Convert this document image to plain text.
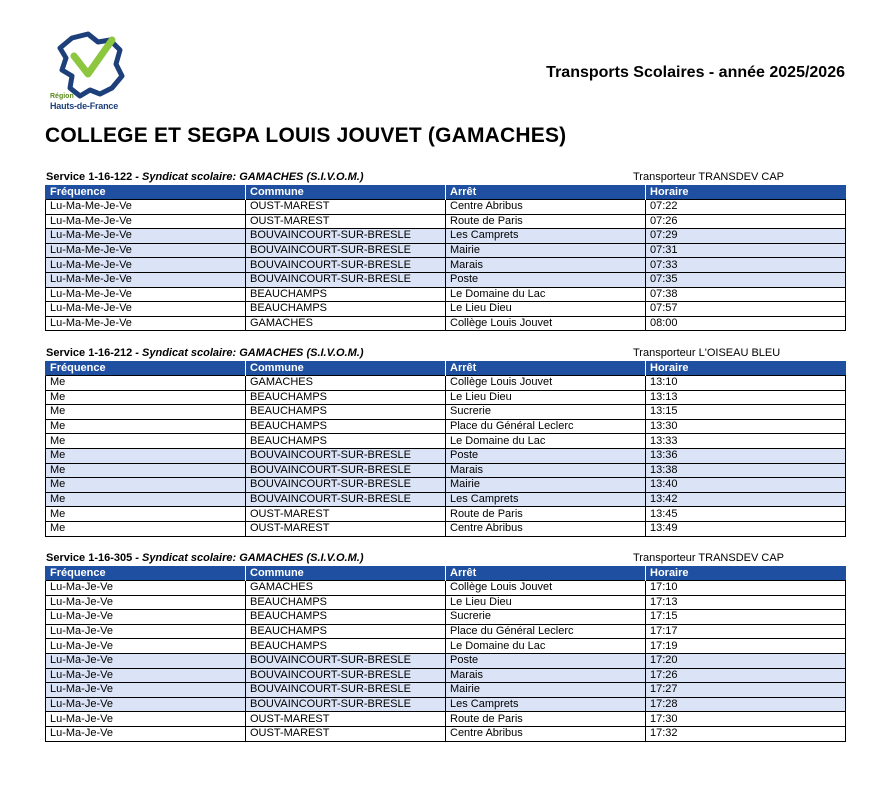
Région
Hauts-de-France
Transports Scolaires - année 2025/2026
COLLEGE ET SEGPA LOUIS JOUVET (GAMACHES)
Service 1-16-122 - Syndicat scolaire: GAMACHES (S.I.V.O.M.)	Transporteur TRANSDEV CAP
Fréquence	Commune	Arrêt	Horaire
Lu-Ma-Me-Je-Ve	OUST-MAREST	Centre Abribus	07:22
Lu-Ma-Me-Je-Ve	OUST-MAREST	Route de Paris	07:26
Lu-Ma-Me-Je-Ve	BOUVAINCOURT-SUR-BRESLE	Les Camprets	07:29
Lu-Ma-Me-Je-Ve	BOUVAINCOURT-SUR-BRESLE	Mairie	07:31
Lu-Ma-Me-Je-Ve	BOUVAINCOURT-SUR-BRESLE	Marais	07:33
Lu-Ma-Me-Je-Ve	BOUVAINCOURT-SUR-BRESLE	Poste	07:35
Lu-Ma-Me-Je-Ve	BEAUCHAMPS	Le Domaine du Lac	07:38
Lu-Ma-Me-Je-Ve	BEAUCHAMPS	Le Lieu Dieu	07:57
Lu-Ma-Me-Je-Ve	GAMACHES	Collège Louis Jouvet	08:00
Service 1-16-212 - Syndicat scolaire: GAMACHES (S.I.V.O.M.)	Transporteur L'OISEAU BLEU
Fréquence	Commune	Arrêt	Horaire
Me	GAMACHES	Collège Louis Jouvet	13:10
Me	BEAUCHAMPS	Le Lieu Dieu	13:13
Me	BEAUCHAMPS	Sucrerie	13:15
Me	BEAUCHAMPS	Place du Général Leclerc	13:30
Me	BEAUCHAMPS	Le Domaine du Lac	13:33
Me	BOUVAINCOURT-SUR-BRESLE	Poste	13:36
Me	BOUVAINCOURT-SUR-BRESLE	Marais	13:38
Me	BOUVAINCOURT-SUR-BRESLE	Mairie	13:40
Me	BOUVAINCOURT-SUR-BRESLE	Les Camprets	13:42
Me	OUST-MAREST	Route de Paris	13:45
Me	OUST-MAREST	Centre Abribus	13:49
Service 1-16-305 - Syndicat scolaire: GAMACHES (S.I.V.O.M.)	Transporteur TRANSDEV CAP
Fréquence	Commune	Arrêt	Horaire
Lu-Ma-Je-Ve	GAMACHES	Collège Louis Jouvet	17:10
Lu-Ma-Je-Ve	BEAUCHAMPS	Le Lieu Dieu	17:13
Lu-Ma-Je-Ve	BEAUCHAMPS	Sucrerie	17:15
Lu-Ma-Je-Ve	BEAUCHAMPS	Place du Général Leclerc	17:17
Lu-Ma-Je-Ve	BEAUCHAMPS	Le Domaine du Lac	17:19
Lu-Ma-Je-Ve	BOUVAINCOURT-SUR-BRESLE	Poste	17:20
Lu-Ma-Je-Ve	BOUVAINCOURT-SUR-BRESLE	Marais	17:26
Lu-Ma-Je-Ve	BOUVAINCOURT-SUR-BRESLE	Mairie	17:27
Lu-Ma-Je-Ve	BOUVAINCOURT-SUR-BRESLE	Les Camprets	17:28
Lu-Ma-Je-Ve	OUST-MAREST	Route de Paris	17:30
Lu-Ma-Je-Ve	OUST-MAREST	Centre Abribus	17:32
